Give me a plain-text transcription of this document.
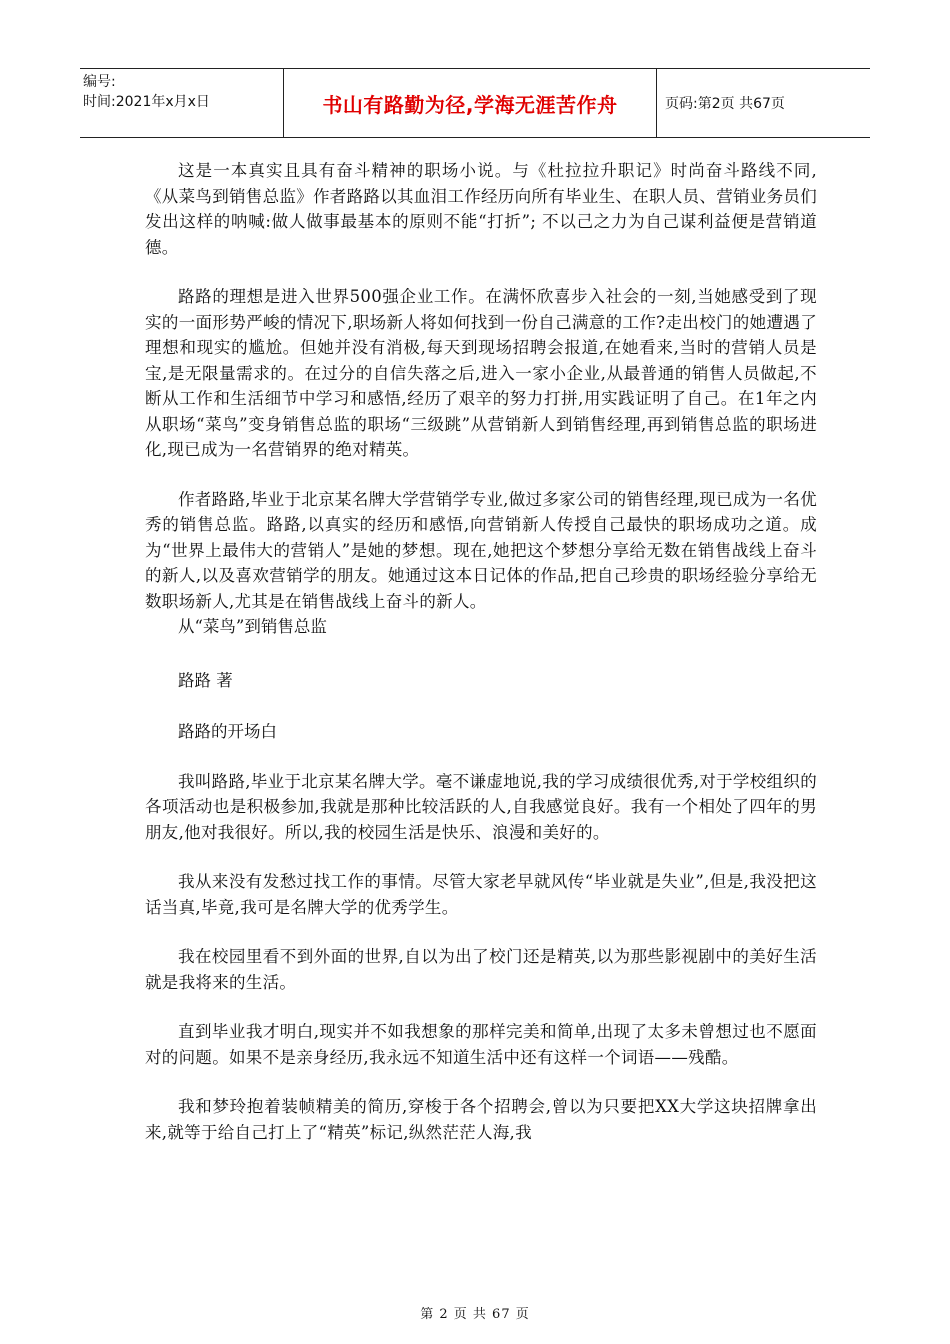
编号:
时间:2021年x月x日	书山有路勤为径,学海无涯苦作舟	页码:第2页 共67页

这是一本真实且具有奋斗精神的职场小说。与《杜拉拉升职记》时尚奋斗路线不同,《从菜鸟到销售总监》作者路路以其血泪工作经历向所有毕业生、在职人员、营销业务员们发出这样的呐喊:做人做事最基本的原则不能“打折”; 不以己之力为自己谋利益便是营销道德。

路路的理想是进入世界500强企业工作。在满怀欣喜步入社会的一刻,当她感受到了现实的一面形势严峻的情况下,职场新人将如何找到一份自己满意的工作?走出校门的她遭遇了理想和现实的尴尬。但她并没有消极,每天到现场招聘会报道,在她看来,当时的营销人员是宝,是无限量需求的。在过分的自信失落之后,进入一家小企业,从最普通的销售人员做起,不断从工作和生活细节中学习和感悟,经历了艰辛的努力打拼,用实践证明了自己。在1年之内从职场“菜鸟”变身销售总监的职场“三级跳”从营销新人到销售经理,再到销售总监的职场进化,现已成为一名营销界的绝对精英。

作者路路,毕业于北京某名牌大学营销学专业,做过多家公司的销售经理,现已成为一名优秀的销售总监。路路,以真实的经历和感悟,向营销新人传授自己最快的职场成功之道。成为“世界上最伟大的营销人”是她的梦想。现在,她把这个梦想分享给无数在销售战线上奋斗的新人,以及喜欢营销学的朋友。她通过这本日记体的作品,把自己珍贵的职场经验分享给无数职场新人,尤其是在销售战线上奋斗的新人。

从“菜鸟”到销售总监

路路 著

路路的开场白

我叫路路,毕业于北京某名牌大学。毫不谦虚地说,我的学习成绩很优秀,对于学校组织的各项活动也是积极参加,我就是那种比较活跃的人,自我感觉良好。我有一个相处了四年的男朋友,他对我很好。所以,我的校园生活是快乐、浪漫和美好的。

我从来没有发愁过找工作的事情。尽管大家老早就风传“毕业就是失业”,但是,我没把这话当真,毕竟,我可是名牌大学的优秀学生。

我在校园里看不到外面的世界,自以为出了校门还是精英,以为那些影视剧中的美好生活就是我将来的生活。

直到毕业我才明白,现实并不如我想象的那样完美和简单,出现了太多未曾想过也不愿面对的问题。如果不是亲身经历,我永远不知道生活中还有这样一个词语——残酷。

我和梦玲抱着装帧精美的简历,穿梭于各个招聘会,曾以为只要把XX大学这块招牌拿出来,就等于给自己打上了“精英”标记,纵然茫茫人海,我

第 2 页 共 67 页
